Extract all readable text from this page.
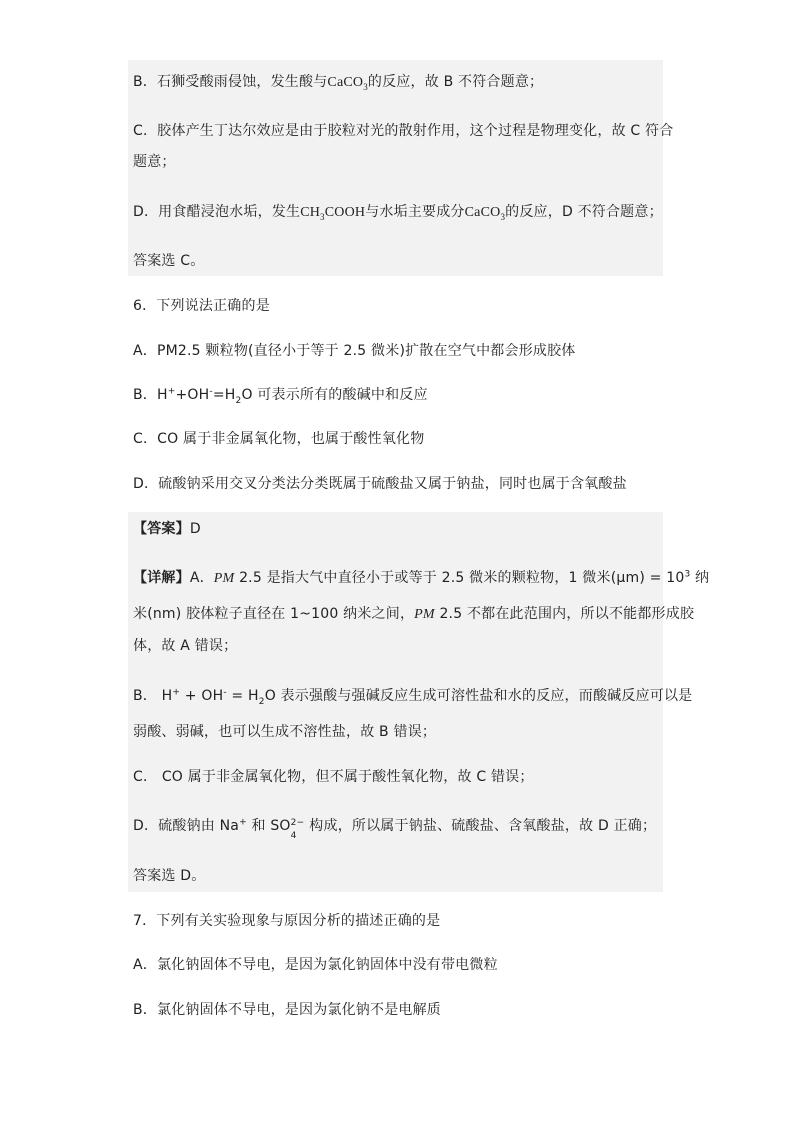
B．石狮受酸雨侵蚀，发生酸与CaCO$_3$的反应，故 B 不符合题意；
C．胶体产生丁达尔效应是由于胶粒对光的散射作用，这个过程是物理变化，故 C 符合
题意；
D．用食醋浸泡水垢，发生$CH_3COOH$与水垢主要成分CaCO$_3$的反应，D 不符合题意；
答案选 C。
6．下列说法正确的是
A．PM2.5 颗粒物(直径小于等于 2.5 微米)扩散在空气中都会形成胶体
B．$H^++OH^-=H_2O$ 可表示所有的酸碱中和反应
C．CO 属于非金属氧化物，也属于酸性氧化物
D．硫酸钠采用交叉分类法分类既属于硫酸盐又属于钠盐，同时也属于含氧酸盐
【答案】D
【详解】A．PM 2.5 是指大气中直径小于或等于 2.5 微米的颗粒物，1 微米$(\mu m) = 10^3$ 纳
米(nm) 胶体粒子直径在 1~100 纳米之间，PM 2.5 不都在此范围内，所以不能都形成胶
体，故 A 错误；
B． $H^+ + OH^- = H_2O$ 表示强酸与强碱反应生成可溶性盐和水的反应，而酸碱反应可以是
弱酸、弱碱，也可以生成不溶性盐，故 B 错误；
C． CO 属于非金属氧化物，但不属于酸性氧化物，故 C 错误；
D．硫酸钠由 Na+ 和 SO 2−
4
构成，所以属于钠盐、硫酸盐、含氧酸盐，故 D 正确；
答案选 D。
7．下列有关实验现象与原因分析的描述正确的是
A．氯化钠固体不导电，是因为氯化钠固体中没有带电微粒
B．氯化钠固体不导电，是因为氯化钠不是电解质
